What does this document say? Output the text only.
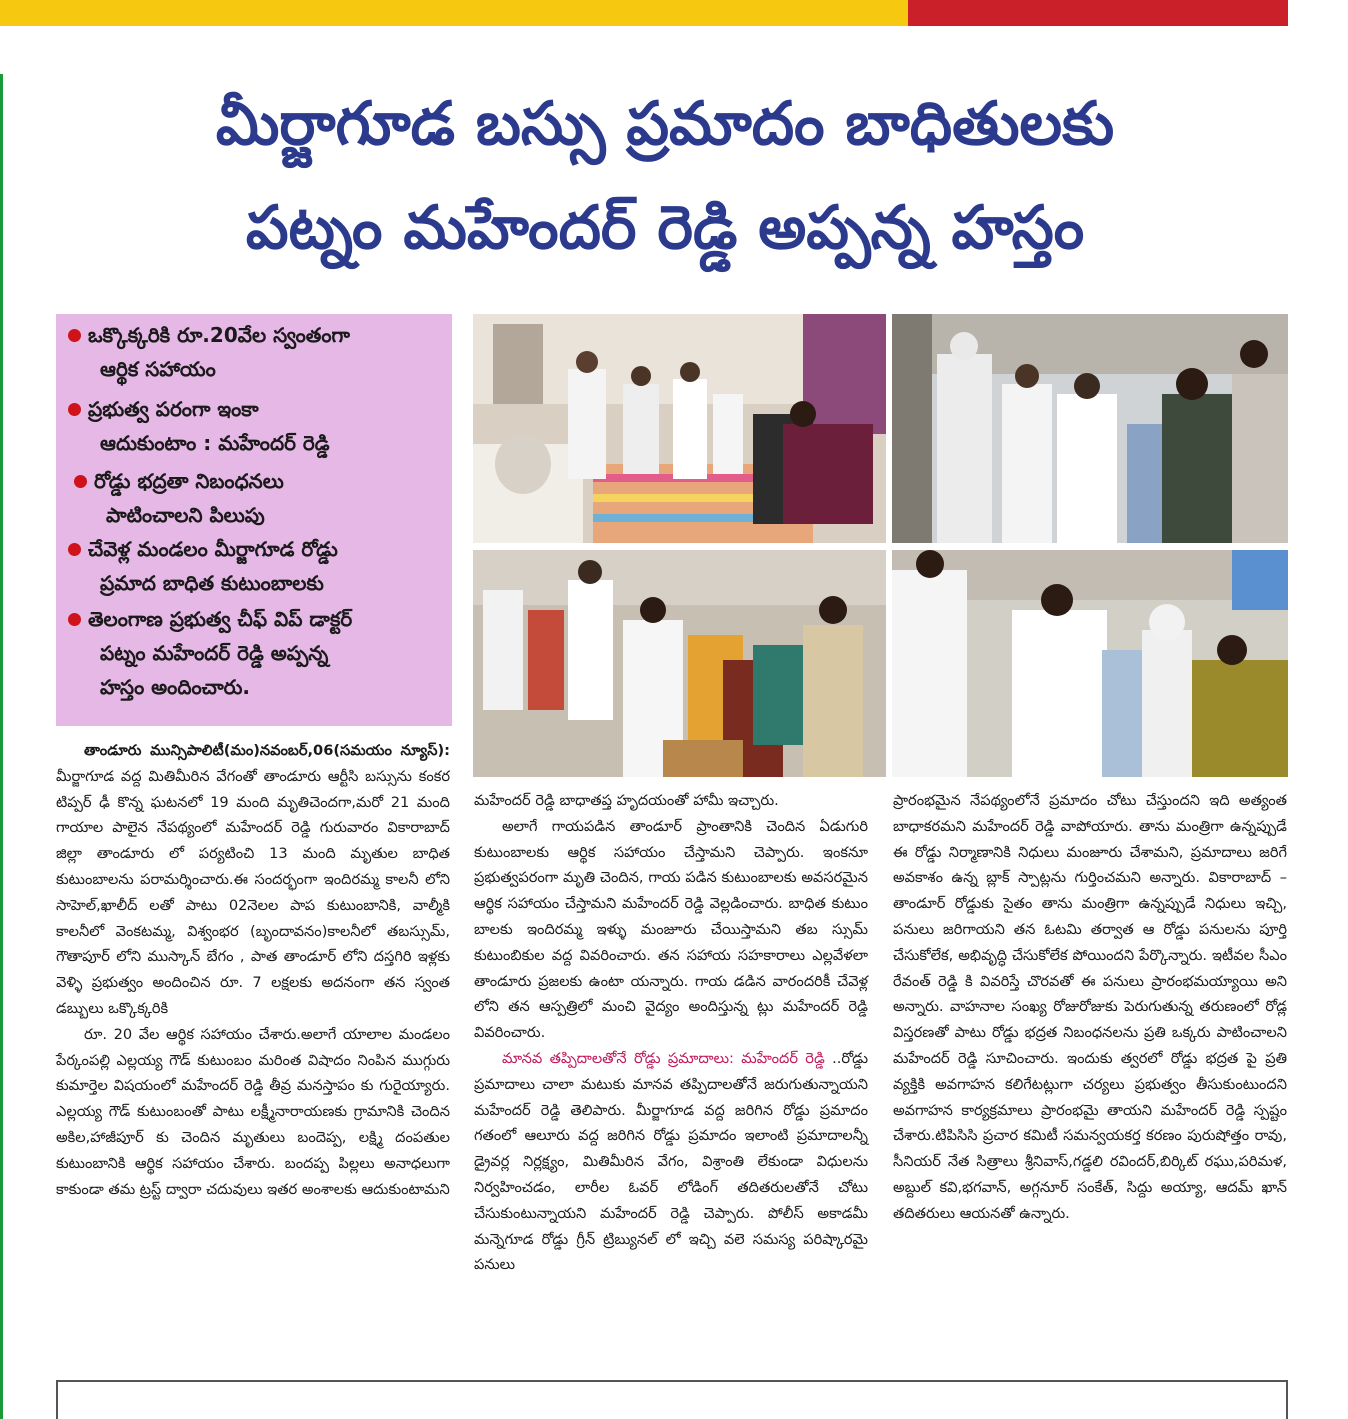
మీర్జాగూడ బస్సు ప్రమాదం బాధితులకు
పట్నం మహేందర్ రెడ్డి అప్పన్న హస్తం
ఒక్కొక్కరికి రూ.20వేల స్వంతంగా
ఆర్థిక సహాయం
ప్రభుత్వ పరంగా ఇంకా
ఆదుకుంటాం : మహేందర్ రెడ్డి
రోడ్డు భద్రతా నిబంధనలు
పాటించాలని పిలుపు
చేవెళ్ల మండలం మీర్జాగూడ రోడ్డు
ప్రమాద బాధిత కుటుంబాలకు
తెలంగాణ ప్రభుత్వ చీఫ్ విప్ డాక్టర్
పట్నం మహేందర్ రెడ్డి అప్పన్న
హస్తం అందించారు.

తాండూరు మున్సిపాలిటీ(మం)నవంబర్,06(సమయం న్యూస్): మీర్జాగూడ వద్ద మితిమీరిన వేగంతో తాండూరు ఆర్టీసి బస్సును కంకర టిప్పర్ ఢీ కొన్న ఘటనలో 19 మంది మృతిచెందగా,మరో 21 మంది గాయాల పాలైన నేపథ్యంలో మహేందర్ రెడ్డి గురువారం వికారాబాద్ జిల్లా తాండూరు లో పర్యటించి 13 మంది మృతుల బాధిత కుటుంబాలను పరామర్శించారు.ఈ సందర్భంగా ఇందిరమ్మ కాలనీ లోని సాహెల్,ఖాలీద్ లతో పాటు 02నెలల పాప కుటుంబానికి, వాల్మీకి కాలనీలో వెంకటమ్మ, విశ్వంభర (బృందావనం)కాలనీలో తబస్సుమ్, గౌతాపూర్ లోని ముస్కాన్ బేగం , పాత తాండూర్ లోని దస్తగిరి ఇళ్లకు వెళ్ళి ప్రభుత్వం అందించిన రూ. 7 లక్షలకు అదనంగా తన స్వంత డబ్బులు ఒక్కొక్కరికి

రూ. 20 వేల ఆర్థిక సహాయం చేశారు.అలాగే యాలాల మండలం పేర్కంపల్లి ఎల్లయ్య గౌడ్ కుటుంబం మరింత విషాదం నింపిన ముగ్గురు కుమార్తెల విషయంలో మహేందర్ రెడ్డి తీవ్ర మనస్తాపం కు గురైయ్యారు. ఎల్లయ్య గౌడ్ కుటుంబంతో పాటు లక్ష్మీనారాయణకు గ్రామానికి చెందిన అకిల,హాజీపూర్ కు చెందిన మృతులు బందెప్ప, లక్ష్మి దంపతుల కుటుంబానికి ఆర్థిక సహాయం చేశారు. బందప్ప పిల్లలు అనాధలుగా కాకుండా తమ ట్రస్ట్ ద్వారా చదువులు ఇతర అంశాలకు ఆదుకుంటామని

మహేందర్ రెడ్డి బాధాతప్త హృదయంతో హామీ ఇచ్చారు.

అలాగే గాయపడిన తాండూర్ ప్రాంతానికి చెందిన ఏడుగురి కుటుంబాలకు ఆర్థిక సహాయం చేస్తామని చెప్పారు. ఇంకనూ ప్రభుత్వపరంగా మృతి చెందిన, గాయ పడిన కుటుంబాలకు అవసరమైన ఆర్థిక సహాయం చేస్తామని మహేందర్ రెడ్డి వెల్లడించారు. బాధిత కుటుం బాలకు ఇందిరమ్మ ఇళ్ళు మంజూరు చేయిస్తామని తబ స్సుమ్ కుటుంబికుల వద్ద వివరించారు. తన సహాయ సహకారాలు ఎల్లవేళలా తాండూరు ప్రజలకు ఉంటా యన్నారు. గాయ డడిన వారందరికీ చేవెళ్ల లోని తన ఆస్పత్రిలో మంచి వైద్యం అందిస్తున్న ట్లు మహేందర్ రెడ్డి వివరించారు.

మానవ తప్పిదాలతోనే రోడ్డు ప్రమాదాలు: మహేందర్ రెడ్డి ..రోడ్డు ప్రమాదాలు చాలా మటుకు మానవ తప్పిదాలతోనే జరుగుతున్నాయని మహేందర్ రెడ్డి తెలిపారు. మీర్జాగూడ వద్ద జరిగిన రోడ్డు ప్రమాదం గతంలో ఆలూరు వద్ద జరిగిన రోడ్డు ప్రమాదం ఇలాంటి ప్రమాదాలన్నీ డ్రైవర్ల నిర్లక్ష్యం, మితిమీరిన వేగం, విశ్రాంతి లేకుండా విధులను నిర్వహించడం, లారీల ఓవర్ లోడింగ్ తదితరులతోనే చోటు చేసుకుంటున్నాయని మహేందర్ రెడ్డి చెప్పారు. పోలీస్ అకాడమీ మన్నెగూడ రోడ్డు గ్రీన్ ట్రిబ్యునల్ లో ఇచ్చి వలె సమస్య పరిష్కారమై పనులు

ప్రారంభమైన నేపథ్యంలోనే ప్రమాదం చోటు చేస్తుందని ఇది అత్యంత బాధాకరమని మహేందర్ రెడ్డి వాపోయారు. తాను మంత్రిగా ఉన్నప్పుడే ఈ రోడ్డు నిర్మాణానికి నిధులు మంజూరు చేశామని, ప్రమాదాలు జరిగే అవకాశం ఉన్న బ్లాక్ స్పాట్లను గుర్తించమని అన్నారు. వికారాబాద్ – తాండూర్ రోడ్డుకు సైతం తాను మంత్రిగా ఉన్నప్పుడే నిధులు ఇచ్చి, పనులు జరిగాయని తన ఓటమి తర్వాత ఆ రోడ్డు పనులను పూర్తి చేసుకోలేక, అభివృద్ధి చేసుకోలేక పోయిందని పేర్కొన్నారు. ఇటీవల సీఎం రేవంత్ రెడ్డి కి వివరిస్తే చొరవతో ఈ పనులు ప్రారంభమయ్యాయి అని అన్నారు. వాహనాల సంఖ్య రోజురోజుకు పెరుగుతున్న తరుణంలో రోడ్ల విస్తరణతో పాటు రోడ్డు భద్రత నిబంధనలను ప్రతి ఒక్కరు పాటించాలని మహేందర్ రెడ్డి సూచించారు. ఇందుకు త్వరలో రోడ్డు భద్రత పై ప్రతి వ్యక్తికి అవగాహన కలిగేటట్లుగా చర్యలు ప్రభుత్వం తీసుకుంటుందని అవగాహన కార్యక్రమాలు ప్రారంభమై తాయని మహేందర్ రెడ్డి స్పష్టం చేశారు.టిపిసిసి ప్రచార కమిటీ సమన్వయకర్త కరణం పురుషోత్తం రావు, సీనియర్ నేత సిత్రాలు శ్రీనివాస్,గడ్డలి రవిందర్,బిర్కిట్ రఘు,పరిమళ, అబ్దుల్ కవి,భగవాన్, అగ్గనూర్ సంకేత్, సిద్దు అయ్యా, ఆదమ్ ఖాన్ తదితరులు ఆయనతో ఉన్నారు.
